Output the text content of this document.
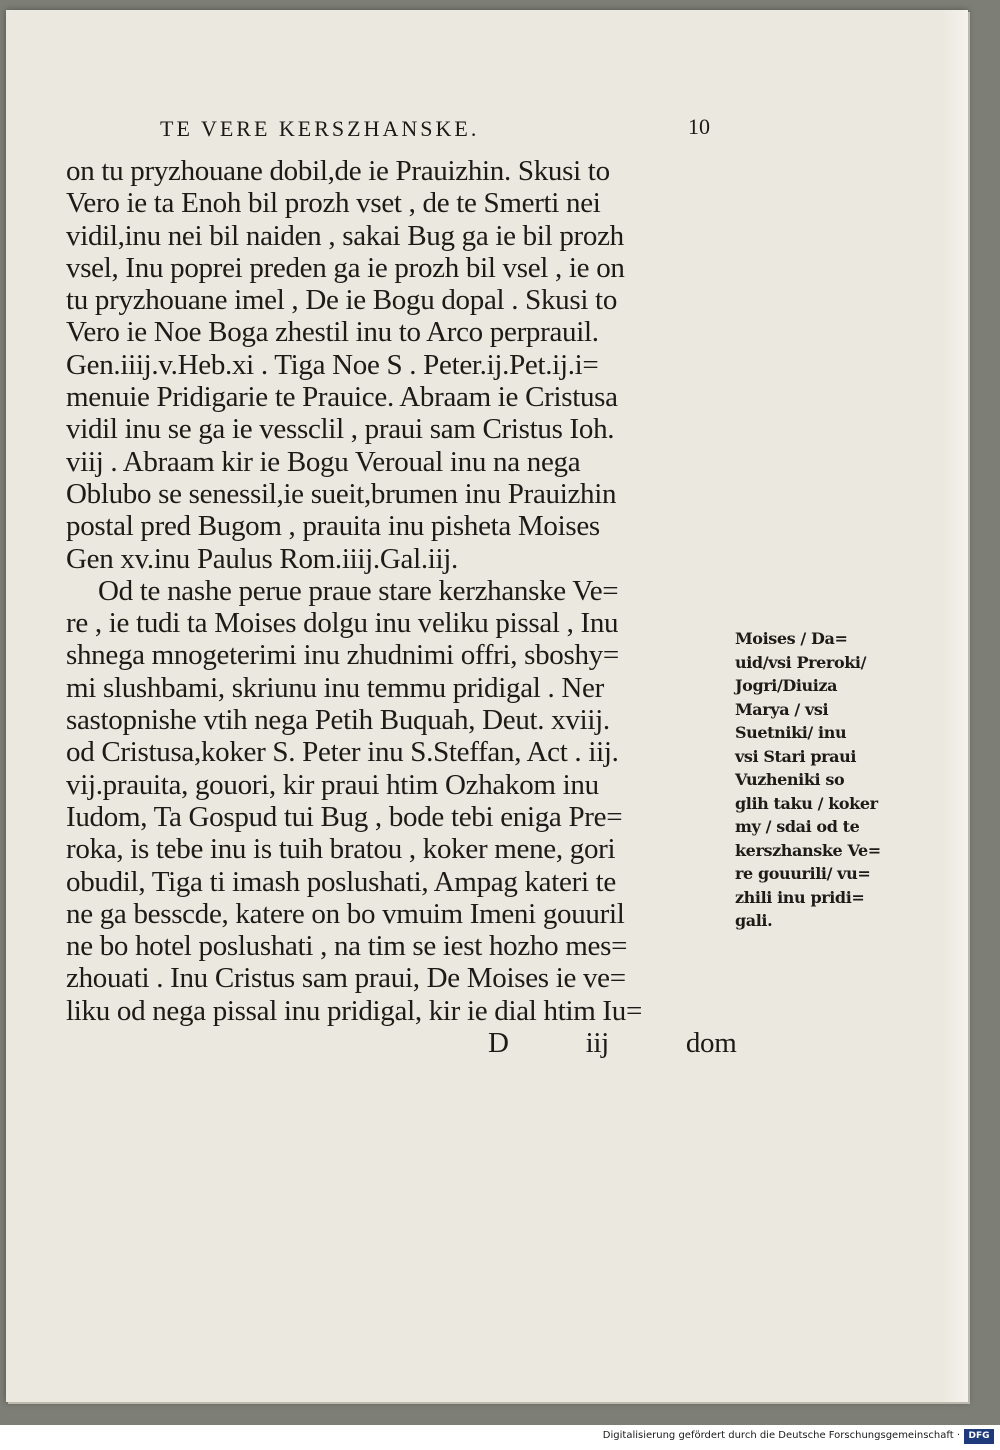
TE VERE KERSZHANSKE.	10
on tu pryzhouane dobil,de ie Prauizhin. Skusi to
Vero ie ta Enoh bil prozh vset , de te Smerti nei
vidil,inu nei bil naiden , sakai Bug ga ie bil prozh
vsel, Inu poprei preden ga ie prozh bil vsel , ie on
tu pryzhouane imel , De ie Bogu dopal . Skusi to
Vero ie Noe Boga zhestil inu to Arco perprauil.
Gen.iiij.v.Heb.xi . Tiga Noe S . Peter.ij.Pet.ij.i=
menuie Pridigarie te Prauice. Abraam ie Cristusa
vidil inu se ga ie vessclil , praui sam Cristus Ioh.
viij . Abraam kir ie Bogu Veroual inu na nega
Oblubo se senessil,ie sueit,brumen inu Prauizhin
postal pred Bugom , prauita inu pisheta Moises
Gen xv.inu Paulus Rom.iiij.Gal.iij.
Od te nashe perue praue stare kerzhanske Ve=
re , ie tudi ta Moises dolgu inu veliku pissal , Inu
shnega mnogeterimi inu zhudnimi offri, sboshy=
mi slushbami, skriunu inu temmu pridigal . Ner
sastopnishe vtih nega Petih Buquah, Deut. xviij.
od Cristusa,koker S. Peter inu S.Steffan, Act . iij.
vij.prauita, gouori, kir praui htim Ozhakom inu
Iudom, Ta Gospud tui Bug , bode tebi eniga Pre=
roka, is tebe inu is tuih bratou , koker mene, gori
obudil, Tiga ti imash poslushati, Ampag kateri te
ne ga besscde, katere on bo vmuim Imeni gouuril
ne bo hotel poslushati , na tim se iest hozho mes=
zhouati . Inu Cristus sam praui, De Moises ie ve=
liku od nega pissal inu pridigal, kir ie dial htim Iu=
D iij dom
Moises / Da=
uid/vsi Preroki/
Jogri/Diuiza
Marya / vsi
Suetniki/ inu
vsi Stari praui
Vuzheniki so
glih taku / koker
my / sdai od te
kerszhanske Ve=
re gouurili/ vu=
zhili inu pridi=
gali.
Digitalisierung gefördert durch die Deutsche Forschungsgemeinschaft · DFG
